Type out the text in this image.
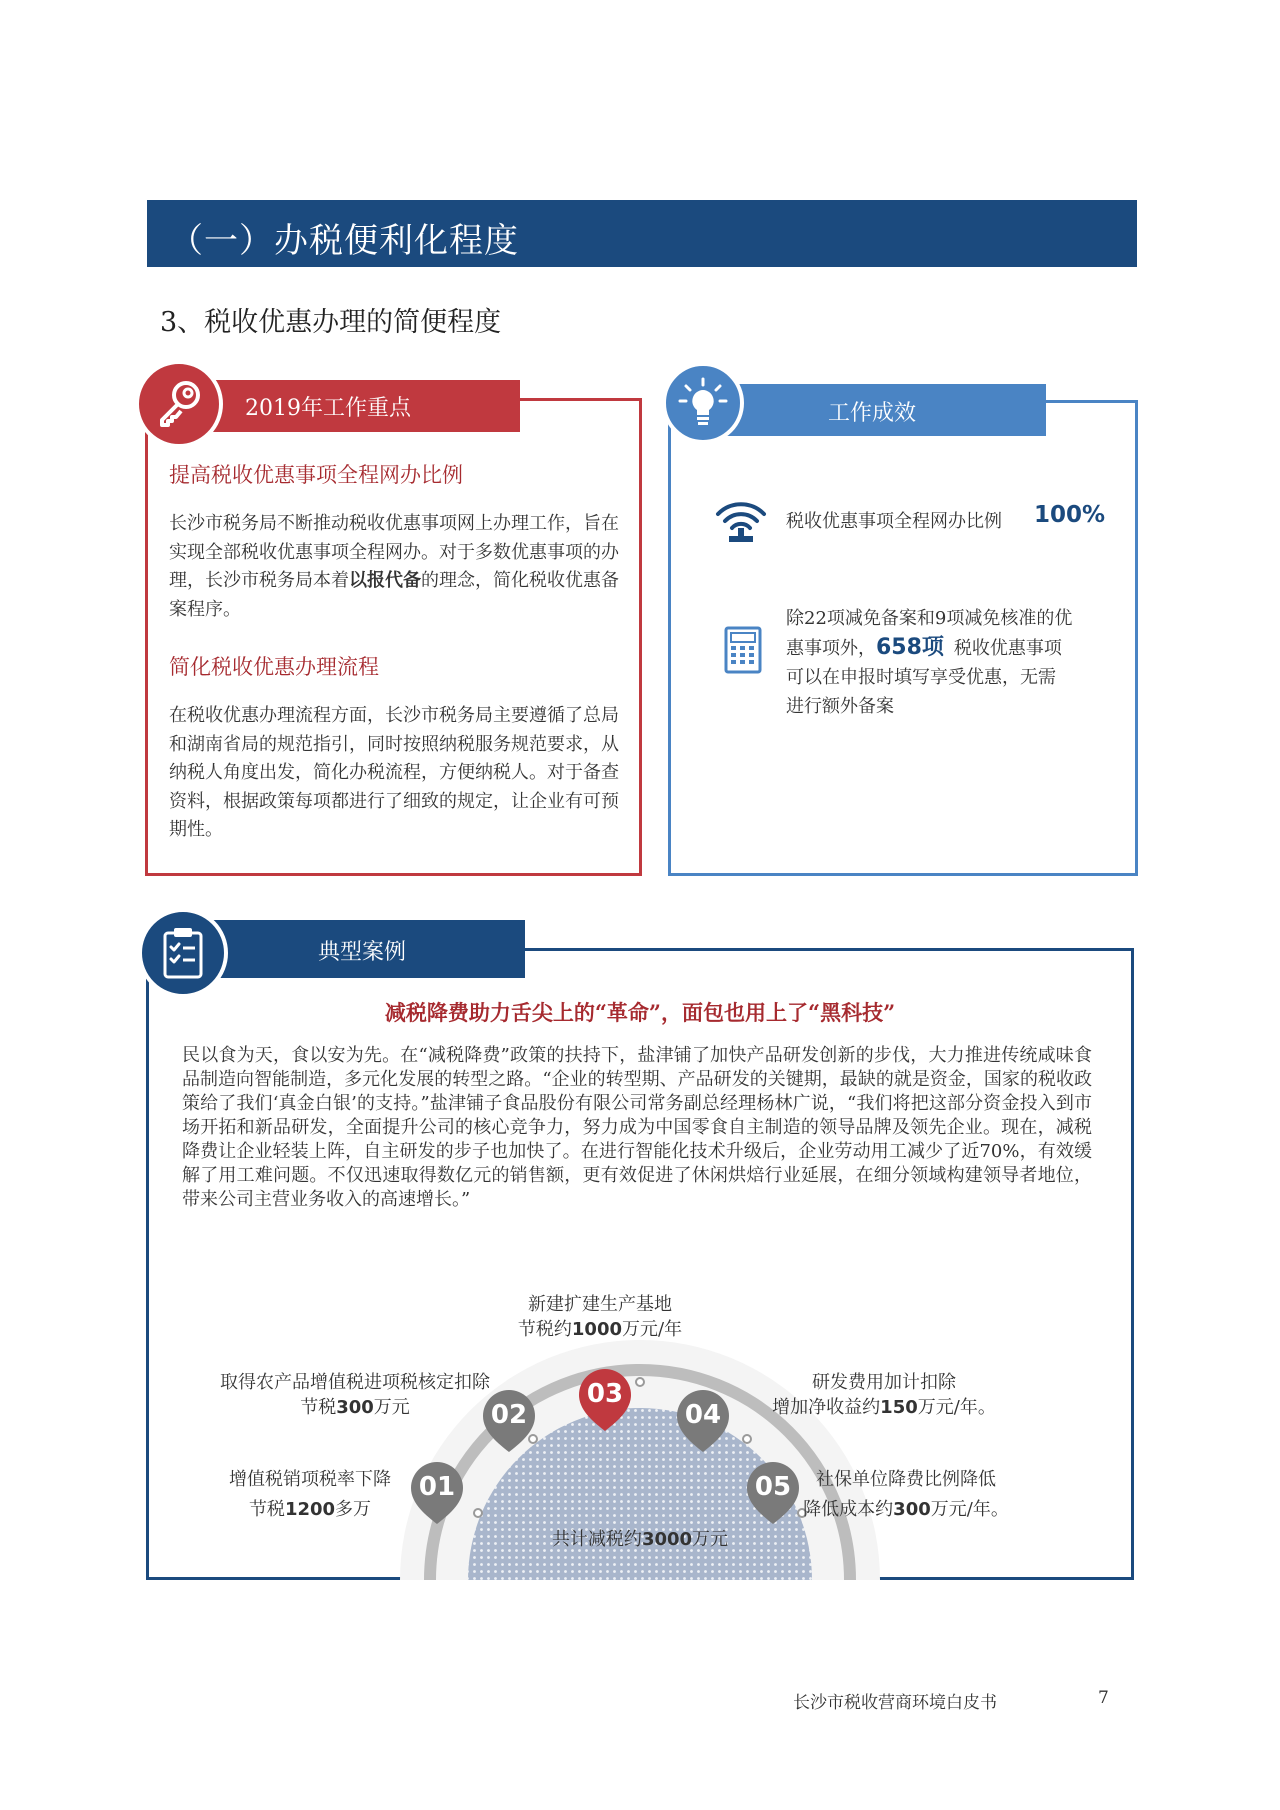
（一）办税便利化程度
3、税收优惠办理的简便程度
2019年工作重点
提高税收优惠事项全程网办比例
长沙市税务局不断推动税收优惠事项网上办理工作，旨在实现全部税收优惠事项全程网办。对于多数优惠事项的办理，长沙市税务局本着以报代备的理念，简化税收优惠备案程序。
简化税收优惠办理流程
在税收优惠办理流程方面，长沙市税务局主要遵循了总局和湖南省局的规范指引，同时按照纳税服务规范要求，从纳税人角度出发，简化办税流程，方便纳税人。对于备查资料，根据政策每项都进行了细致的规定，让企业有可预期性。
工作成效
税收优惠事项全程网办比例 100%
除22项减免备案和9项减免核准的优
惠事项外，658项 税收优惠事项
可以在申报时填写享受优惠，无需
进行额外备案
典型案例
减税降费助力舌尖上的“革命”，面包也用上了“黑科技”
民以食为天，食以安为先。在“减税降费”政策的扶持下，盐津铺了加快产品研发创新的步伐，大力推进传统咸味食品制造向智能制造，多元化发展的转型之路。“企业的转型期、产品研发的关键期，最缺的就是资金，国家的税收政策给了我们‘真金白银’的支持。”盐津铺子食品股份有限公司常务副总经理杨林广说，“我们将把这部分资金投入到市场开拓和新品研发，全面提升公司的核心竞争力，努力成为中国零食自主制造的领导品牌及领先企业。现在，减税降费让企业轻装上阵，自主研发的步子也加快了。在进行智能化技术升级后，企业劳动用工减少了近70%，有效缓解了用工难问题。不仅迅速取得数亿元的销售额，更有效促进了休闲烘焙行业延展，在细分领域构建领导者地位，带来公司主营业务收入的高速增长。”
共计减税约3000万元
01
02
03
04
05
增值税销项税率下降
节税1200多万
取得农产品增值税进项税核定扣除
节税300万元
新建扩建生产基地
节税约1000万元/年
研发费用加计扣除
增加净收益约150万元/年。
社保单位降费比例降低
降低成本约300万元/年。
长沙市税收营商环境白皮书	7
